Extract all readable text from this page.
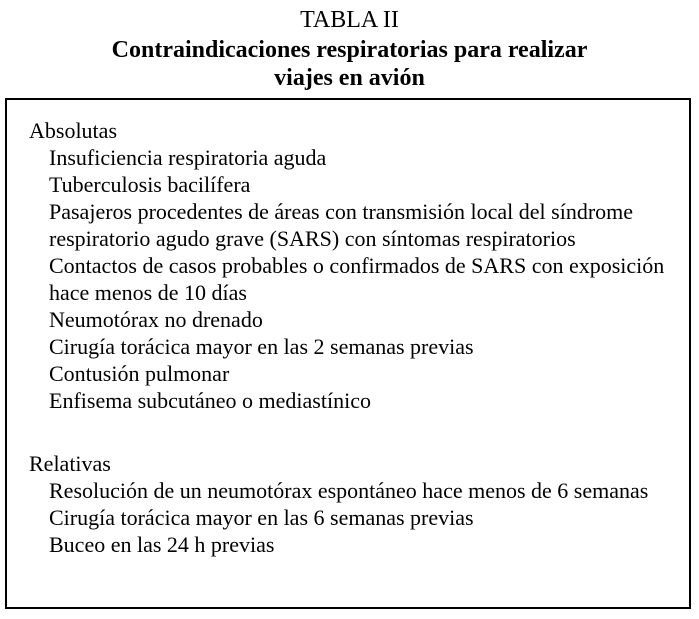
TABLA II
Contraindicaciones respiratorias para realizar
viajes en avión
Absolutas
Insuficiencia respiratoria aguda
Tuberculosis bacilífera
Pasajeros procedentes de áreas con transmisión local del síndrome respiratorio agudo grave (SARS) con síntomas respiratorios
Contactos de casos probables o confirmados de SARS con exposición hace menos de 10 días
Neumotórax no drenado
Cirugía torácica mayor en las 2 semanas previas
Contusión pulmonar
Enfisema subcutáneo o mediastínico
Relativas
Resolución de un neumotórax espontáneo hace menos de 6 semanas
Cirugía torácica mayor en las 6 semanas previas
Buceo en las 24 h previas
